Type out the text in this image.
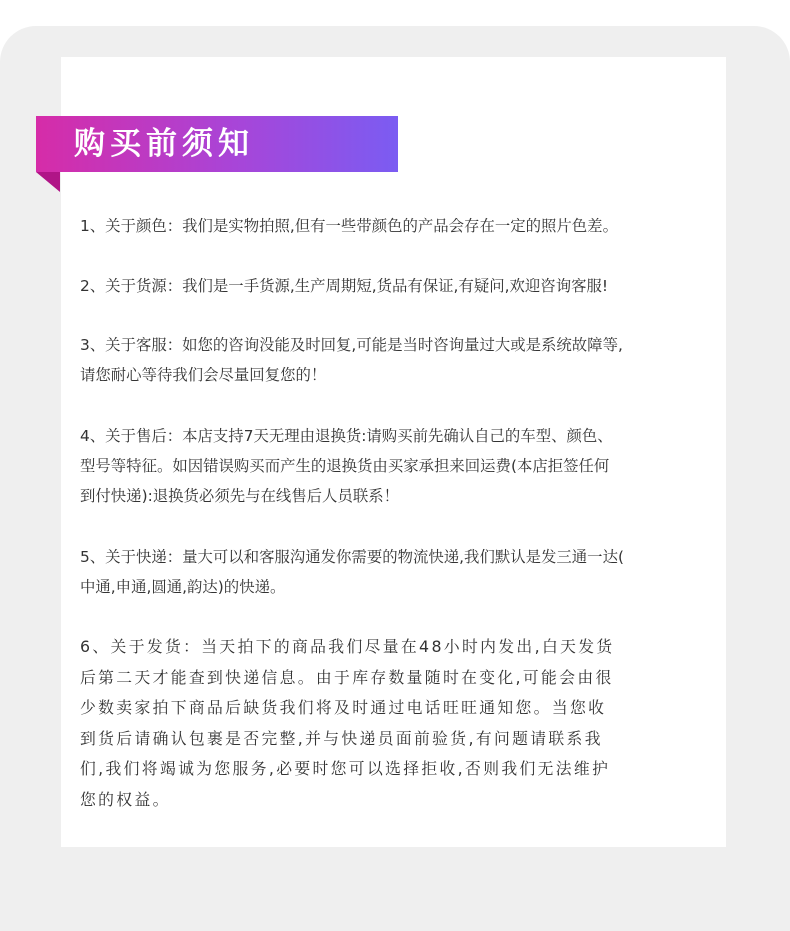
购买前须知
1、关于颜色：我们是实物拍照,但有一些带颜色的产品会存在一定的照片色差。
2、关于货源：我们是一手货源,生产周期短,货品有保证,有疑问,欢迎咨询客服!
3、关于客服：如您的咨询没能及时回复,可能是当时咨询量过大或是系统故障等,
请您耐心等待我们会尽量回复您的！
4、关于售后：本店支持7天无理由退换货:请购买前先确认自己的车型、颜色、
型号等特征。如因错误购买而产生的退换货由买家承担来回运费(本店拒签任何
到付快递):退换货必须先与在线售后人员联系！
5、关于快递：量大可以和客服沟通发你需要的物流快递,我们默认是发三通一达(
中通,申通,圆通,韵达)的快递。
6、关于发货：当天拍下的商品我们尽量在48小时内发出,白天发货
后第二天才能查到快递信息。由于库存数量随时在变化,可能会由很
少数卖家拍下商品后缺货我们将及时通过电话旺旺通知您。当您收
到货后请确认包裹是否完整,并与快递员面前验货,有问题请联系我
们,我们将竭诚为您服务,必要时您可以选择拒收,否则我们无法维护
您的权益。
